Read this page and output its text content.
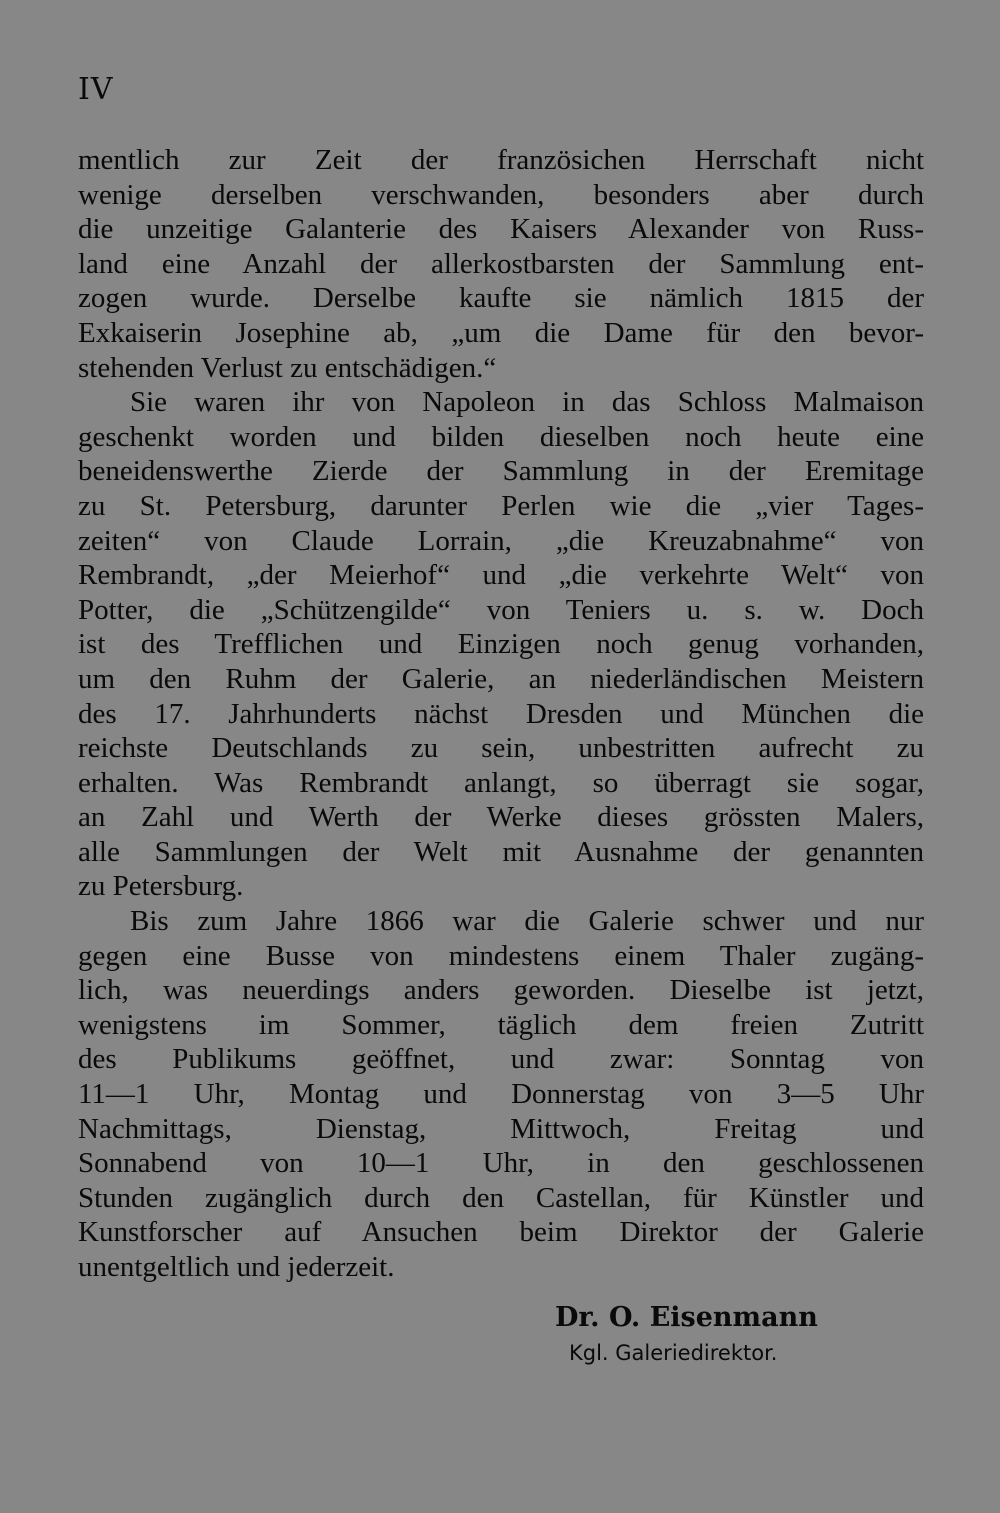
IV
mentlich zur Zeit der französichen Herrschaft nicht
wenige derselben verschwanden, besonders aber durch
die unzeitige Galanterie des Kaisers Alexander von Russ-
land eine Anzahl der allerkostbarsten der Sammlung ent-
zogen wurde. Derselbe kaufte sie nämlich 1815 der
Exkaiserin Josephine ab, „um die Dame für den bevor-
stehenden Verlust zu entschädigen.“
Sie waren ihr von Napoleon in das Schloss Malmaison
geschenkt worden und bilden dieselben noch heute eine
beneidenswerthe Zierde der Sammlung in der Eremitage
zu St. Petersburg, darunter Perlen wie die „vier Tages-
zeiten“ von Claude Lorrain, „die Kreuzabnahme“ von
Rembrandt, „der Meierhof“ und „die verkehrte Welt“ von
Potter, die „Schützengilde“ von Teniers u. s. w. Doch
ist des Trefflichen und Einzigen noch genug vorhanden,
um den Ruhm der Galerie, an niederländischen Meistern
des 17. Jahrhunderts nächst Dresden und München die
reichste Deutschlands zu sein, unbestritten aufrecht zu
erhalten. Was Rembrandt anlangt, so überragt sie sogar,
an Zahl und Werth der Werke dieses grössten Malers,
alle Sammlungen der Welt mit Ausnahme der genannten
zu Petersburg.
Bis zum Jahre 1866 war die Galerie schwer und nur
gegen eine Busse von mindestens einem Thaler zugäng-
lich, was neuerdings anders geworden. Dieselbe ist jetzt,
wenigstens im Sommer, täglich dem freien Zutritt
des Publikums geöffnet, und zwar: Sonntag von
11—1 Uhr, Montag und Donnerstag von 3—5 Uhr
Nachmittags, Dienstag, Mittwoch, Freitag und
Sonnabend von 10—1 Uhr, in den geschlossenen
Stunden zugänglich durch den Castellan, für Künstler und
Kunstforscher auf Ansuchen beim Direktor der Galerie
unentgeltlich und jederzeit.
Dr. O. Eisenmann
Kgl. Galeriedirektor.
